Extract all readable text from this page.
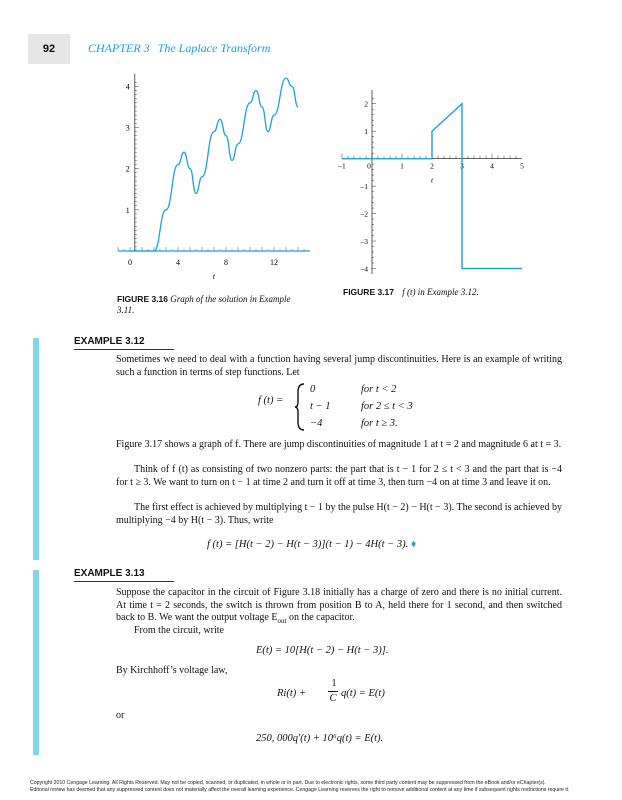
92	CHAPTER 3 The Laplace Transform
0	4	8	12
1
2
3
4
t
FIGURE 3.16 Graph of the solution in Example 3.11.
–1	0	1	2	3	4	5
2
1
–1
–2
–3
–4
t
FIGURE 3.17 f (t) in Example 3.12.
EXAMPLE 3.12
Sometimes we need to deal with a function having several jump discontinuities. Here is an example of writing such a function in terms of step functions. Let
f (t) =
0	for t < 2
t − 1	for 2 ≤ t < 3
−4	for t ≥ 3.
Figure 3.17 shows a graph of f. There are jump discontinuities of magnitude 1 at t = 2 and magnitude 6 at t = 3.
Think of f (t) as consisting of two nonzero parts: the part that is t − 1 for 2 ≤ t < 3 and the part that is −4 for t ≥ 3. We want to turn on t − 1 at time 2 and turn it off at time 3, then turn −4 on at time 3 and leave it on.
The first effect is achieved by multiplying t − 1 by the pulse H(t − 2) − H(t − 3). The second is achieved by multiplying −4 by H(t − 3). Thus, write
f (t) = [H(t − 2) − H(t − 3)](t − 1) − 4H(t − 3). ♦
EXAMPLE 3.13
Suppose the capacitor in the circuit of Figure 3.18 initially has a charge of zero and there is no initial current. At time t = 2 seconds, the switch is thrown from position B to A, held there for 1 second, and then switched back to B. We want the output voltage $E_{out}$ on the capacitor.
From the circuit, write
E(t) = 10[H(t − 2) − H(t − 3)].
By Kirchhoff’s voltage law,
Ri(t) +
1
C q(t) = E(t)
or
250, 000q′(t) + 10⁶q(t) = E(t).
Copyright 2010 Cengage Learning. All Rights Reserved. May not be copied, scanned, or duplicated, in whole or in part. Due to electronic rights, some third party content may be suppressed from the eBook and/or eChapter(s).
Editorial review has deemed that any suppressed content does not materially affect the overall learning experience. Cengage Learning reserves the right to remove additional content at any time if subsequent rights restrictions require it.
